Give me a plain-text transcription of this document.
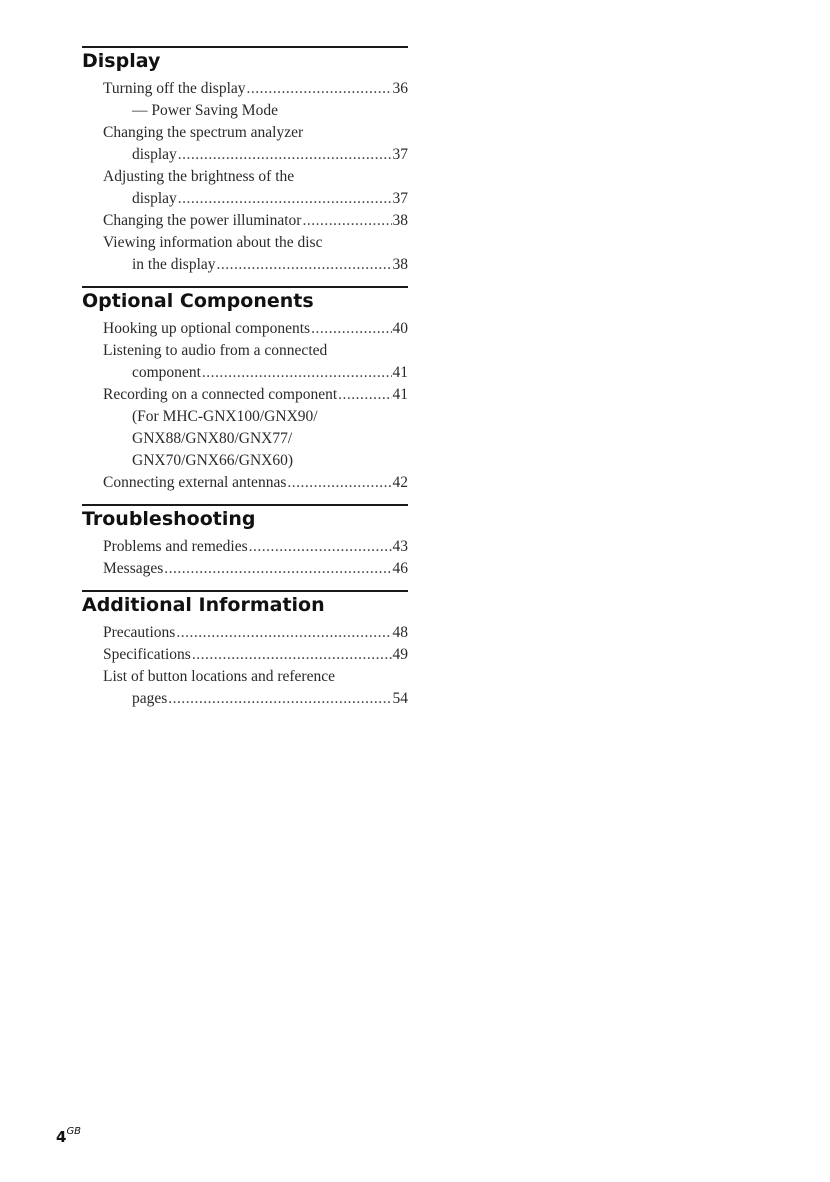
Display
Turning off the display .....	36
— Power Saving Mode
Changing the spectrum analyzer
display .....	37
Adjusting the brightness of the
display .....	37
Changing the power illuminator .....	38
Viewing information about the disc
in the display .....	38
Optional Components
Hooking up optional components .....	40
Listening to audio from a connected
component .....	41
Recording on a connected component .....	41
(For MHC-GNX100/GNX90/
GNX88/GNX80/GNX77/
GNX70/GNX66/GNX60)
Connecting external antennas .....	42
Troubleshooting
Problems and remedies .....	43
Messages .....	46
Additional Information
Precautions .....	48
Specifications .....	49
List of button locations and reference
pages .....	54
$4^{GB}$
